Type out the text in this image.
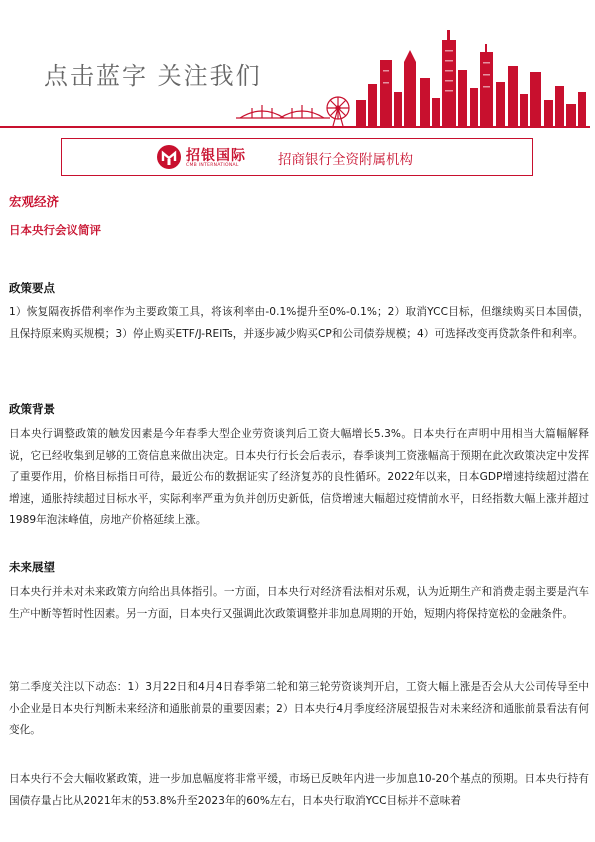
点击蓝字 关注我们
招银国际
CMB INTERNATIONAL	招商银行全资附属机构
宏观经济
日本央行会议简评
政策要点
1）恢复隔夜拆借利率作为主要政策工具，将该利率由-0.1%提升至0%-0.1%；2）取消YCC目标，但继续购买日本国债，且保持原来购买规模；3）停止购买ETF/J-REITs，并逐步减少购买CP和公司债券规模；4）可选择改变再贷款条件和利率。
政策背景
日本央行调整政策的触发因素是今年春季大型企业劳资谈判后工资大幅增长5.3%。日本央行在声明中用相当大篇幅解释说，它已经收集到足够的工资信息来做出决定。日本央行行长会后表示，春季谈判工资涨幅高于预期在此次政策决定中发挥了重要作用，价格目标指日可待，最近公布的数据证实了经济复苏的良性循环。2022年以来，日本GDP增速持续超过潜在增速，通胀持续超过目标水平，实际利率严重为负并创历史新低，信贷增速大幅超过疫情前水平，日经指数大幅上涨并超过1989年泡沫峰值，房地产价格延续上涨。
未来展望
日本央行并未对未来政策方向给出具体指引。一方面，日本央行对经济看法相对乐观，认为近期生产和消费走弱主要是汽车生产中断等暂时性因素。另一方面，日本央行又强调此次政策调整并非加息周期的开始，短期内将保持宽松的金融条件。
第二季度关注以下动态：1）3月22日和4月4日春季第二轮和第三轮劳资谈判开启，工资大幅上涨是否会从大公司传导至中小企业是日本央行判断未来经济和通胀前景的重要因素；2）日本央行4月季度经济展望报告对未来经济和通胀前景看法有何变化。
日本央行不会大幅收紧政策，进一步加息幅度将非常平缓，市场已反映年内进一步加息10-20个基点的预期。日本央行持有国债存量占比从2021年末的53.8%升至2023年的60%左右，日本央行取消YCC目标并不意味着
